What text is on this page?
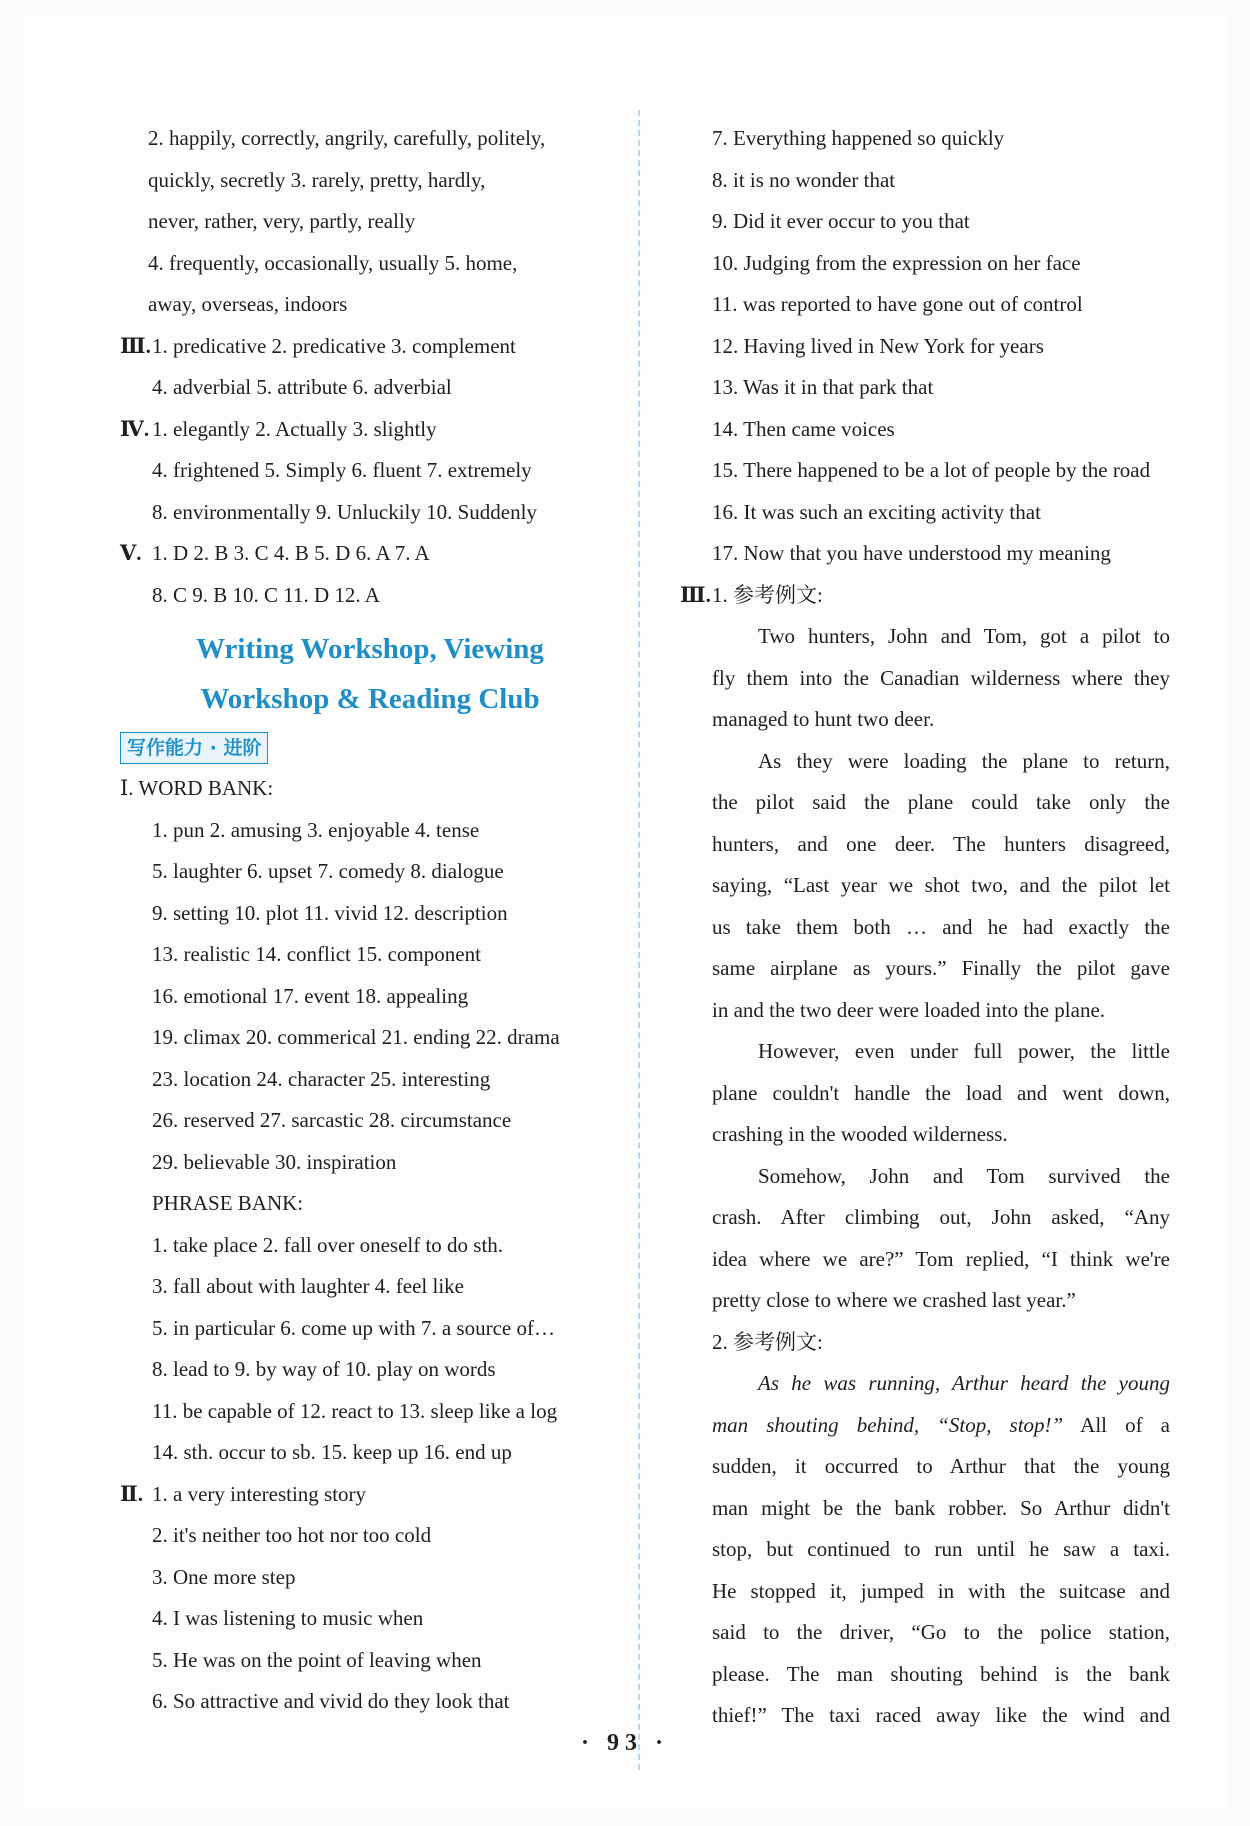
2. happily, correctly, angrily, carefully, politely,
quickly, secretly 3. rarely, pretty, hardly,
never, rather, very, partly, really
4. frequently, occasionally, usually 5. home,
away, overseas, indoors
Ⅲ.1. predicative 2. predicative 3. complement
4. adverbial 5. attribute 6. adverbial
Ⅳ. 1. elegantly 2. Actually 3. slightly
4. frightened 5. Simply 6. fluent 7. extremely
8. environmentally 9. Unluckily 10. Suddenly
Ⅴ. 1. D 2. B 3. C 4. B 5. D 6. A 7. A
8. C 9. B 10. C 11. D 12. A
Writing Workshop, Viewing
Workshop & Reading Club
写作能力 · 进阶
Ⅰ. WORD BANK:
1. pun 2. amusing 3. enjoyable 4. tense
5. laughter 6. upset 7. comedy 8. dialogue
9. setting 10. plot 11. vivid 12. description
13. realistic 14. conflict 15. component
16. emotional 17. event 18. appealing
19. climax 20. commerical 21. ending 22. drama
23. location 24. character 25. interesting
26. reserved 27. sarcastic 28. circumstance
29. believable 30. inspiration
PHRASE BANK:
1. take place 2. fall over oneself to do sth.
3. fall about with laughter 4. feel like
5. in particular 6. come up with 7. a source of…
8. lead to 9. by way of 10. play on words
11. be capable of 12. react to 13. sleep like a log
14. sth. occur to sb. 15. keep up 16. end up
Ⅱ. 1. a very interesting story
2. it's neither too hot nor too cold
3. One more step
4. I was listening to music when
5. He was on the point of leaving when
6. So attractive and vivid do they look that
7. Everything happened so quickly
8. it is no wonder that
9. Did it ever occur to you that
10. Judging from the expression on her face
11. was reported to have gone out of control
12. Having lived in New York for years
13. Was it in that park that
14. Then came voices
15. There happened to be a lot of people by the road
16. It was such an exciting activity that
17. Now that you have understood my meaning
Ⅲ.1. 参考例文:
Two hunters, John and Tom, got a pilot to
fly them into the Canadian wilderness where they
managed to hunt two deer.
As they were loading the plane to return,
the pilot said the plane could take only the
hunters, and one deer. The hunters disagreed,
saying, “Last year we shot two, and the pilot let
us take them both … and he had exactly the
same airplane as yours.” Finally the pilot gave
in and the two deer were loaded into the plane.
However, even under full power, the little
plane couldn't handle the load and went down,
crashing in the wooded wilderness.
Somehow, John and Tom survived the
crash. After climbing out, John asked, “Any
idea where we are?” Tom replied, “I think we're
pretty close to where we crashed last year.”
2. 参考例文:
As he was running, Arthur heard the young
man shouting behind, “Stop, stop!” All of a
sudden, it occurred to Arthur that the young
man might be the bank robber. So Arthur didn't
stop, but continued to run until he saw a taxi.
He stopped it, jumped in with the suitcase and
said to the driver, “Go to the police station,
please. The man shouting behind is the bank
thief!” The taxi raced away like the wind and
· 93 ·
